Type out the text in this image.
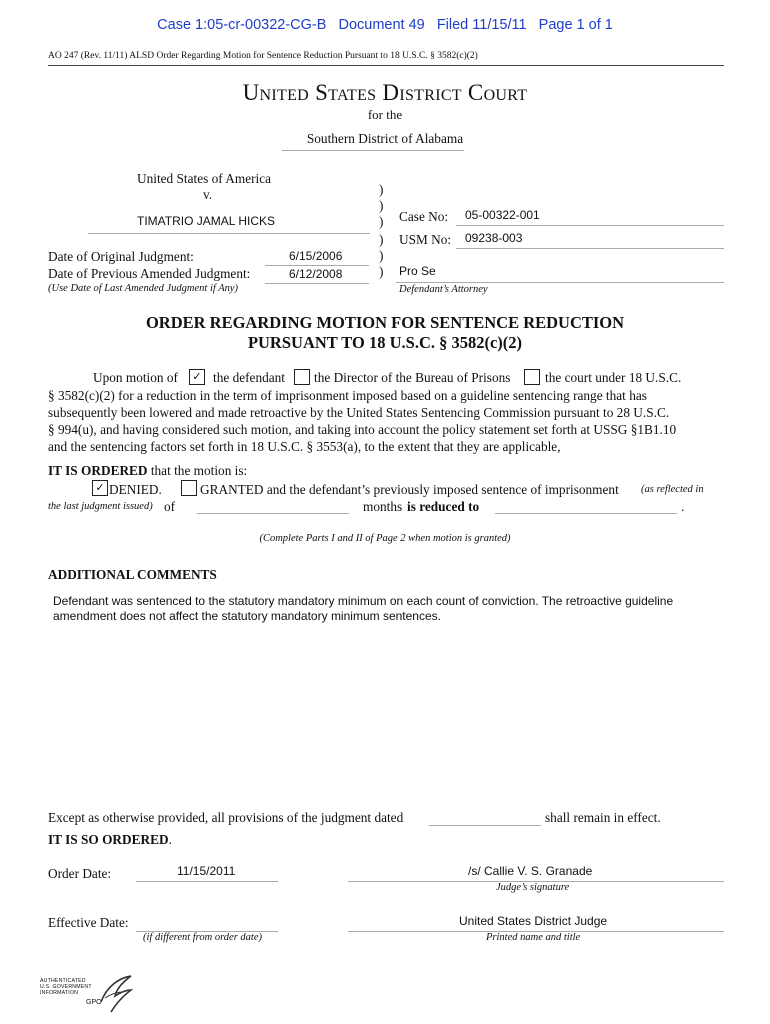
Case 1:05-cr-00322-CG-B   Document 49   Filed 11/15/11   Page 1 of 1
AO 247 (Rev. 11/11) ALSD Order Regarding Motion for Sentence Reduction Pursuant to 18 U.S.C. § 3582(c)(2)
United States District Court
for the
Southern District of Alabama
United States of America
v.
TIMATRIO JAMAL HICKS
)
)
)
)
)
)
Case No: 05-00322-001
USM No: 09238-003
Date of Original Judgment:	6/15/2006
Date of Previous Amended Judgment:	6/12/2008
(Use Date of Last Amended Judgment if Any)
Pro Se
Defendant’s Attorney
ORDER REGARDING MOTION FOR SENTENCE REDUCTION
PURSUANT TO 18 U.S.C. § 3582(c)(2)
Upon motion of	✓ the defendant the Director of the Bureau of Prisons	the court under 18 U.S.C.
§ 3582(c)(2) for a reduction in the term of imprisonment imposed based on a guideline sentencing range that has
subsequently been lowered and made retroactive by the United States Sentencing Commission pursuant to 28 U.S.C.
§ 994(u), and having considered such motion, and taking into account the policy statement set forth at USSG §1B1.10
and the sentencing factors set forth in 18 U.S.C. § 3553(a), to the extent that they are applicable,
IT IS ORDERED that the motion is:
✓ DENIED.	GRANTED and the defendant’s previously imposed sentence of imprisonment (as reflected in
the last judgment issued) of	months is reduced to	.
(Complete Parts I and II of Page 2 when motion is granted)
ADDITIONAL COMMENTS
Defendant was sentenced to the statutory mandatory minimum on each count of conviction. The retroactive guideline
amendment does not affect the statutory mandatory minimum sentences.
Except as otherwise provided, all provisions of the judgment dated	shall remain in effect.
IT IS SO ORDERED.
Order Date:	11/15/2011	/s/ Callie V. S. Granade
Judge’s signature
Effective Date:
(if different from order date)
United States District Judge
Printed name and title
AUTHENTICATED
U.S. GOVERNMENT
INFORMATION
GPO
